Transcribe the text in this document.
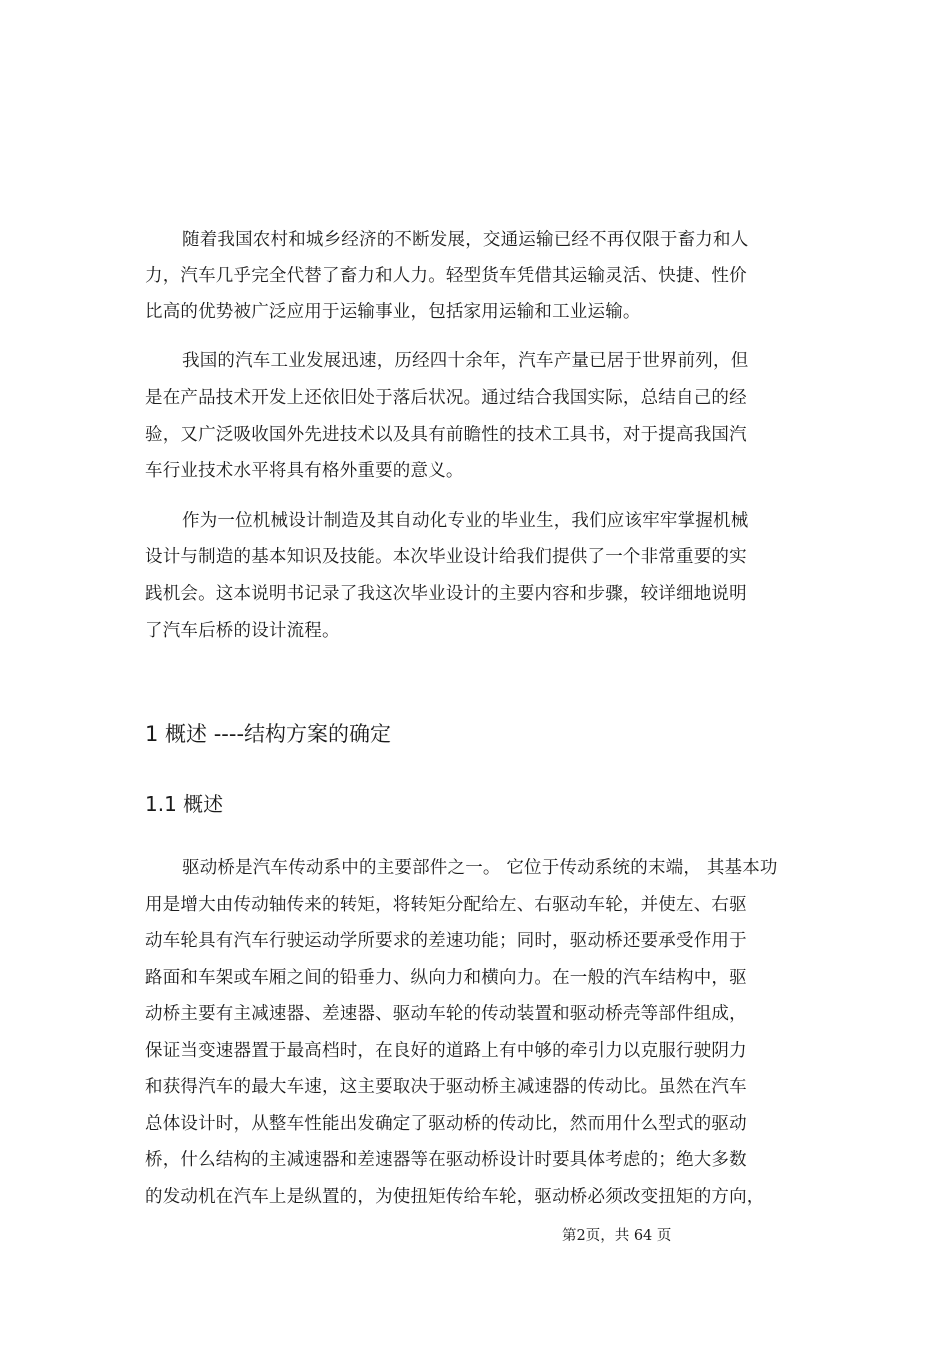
随着我国农村和城乡经济的不断发展，交通运输已经不再仅限于畜力和人

力，汽车几乎完全代替了畜力和人力。轻型货车凭借其运输灵活、快捷、性价

比高的优势被广泛应用于运输事业，包括家用运输和工业运输。

我国的汽车工业发展迅速，历经四十余年，汽车产量已居于世界前列，但

是在产品技术开发上还依旧处于落后状况。通过结合我国实际，总结自己的经

验，又广泛吸收国外先进技术以及具有前瞻性的技术工具书，对于提高我国汽

车行业技术水平将具有格外重要的意义。

作为一位机械设计制造及其自动化专业的毕业生，我们应该牢牢掌握机械

设计与制造的基本知识及技能。本次毕业设计给我们提供了一个非常重要的实

践机会。这本说明书记录了我这次毕业设计的主要内容和步骤，较详细地说明

了汽车后桥的设计流程。

1 概述 ----结构方案的确定
1.1 概述

驱动桥是汽车传动系中的主要部件之一。 它位于传动系统的末端， 其基本功

用是增大由传动轴传来的转矩，将转矩分配给左、右驱动车轮，并使左、右驱

动车轮具有汽车行驶运动学所要求的差速功能；同时，驱动桥还要承受作用于

路面和车架或车厢之间的铅垂力、纵向力和横向力。在一般的汽车结构中，驱

动桥主要有主减速器、差速器、驱动车轮的传动装置和驱动桥壳等部件组成，

保证当变速器置于最高档时，在良好的道路上有中够的牵引力以克服行驶阴力

和获得汽车的最大车速，这主要取决于驱动桥主减速器的传动比。虽然在汽车

总体设计时，从整车性能出发确定了驱动桥的传动比，然而用什么型式的驱动

桥，什么结构的主减速器和差速器等在驱动桥设计时要具体考虑的；绝大多数

的发动机在汽车上是纵置的，为使扭矩传给车轮，驱动桥必须改变扭矩的方向，

第2页，共 64 页
